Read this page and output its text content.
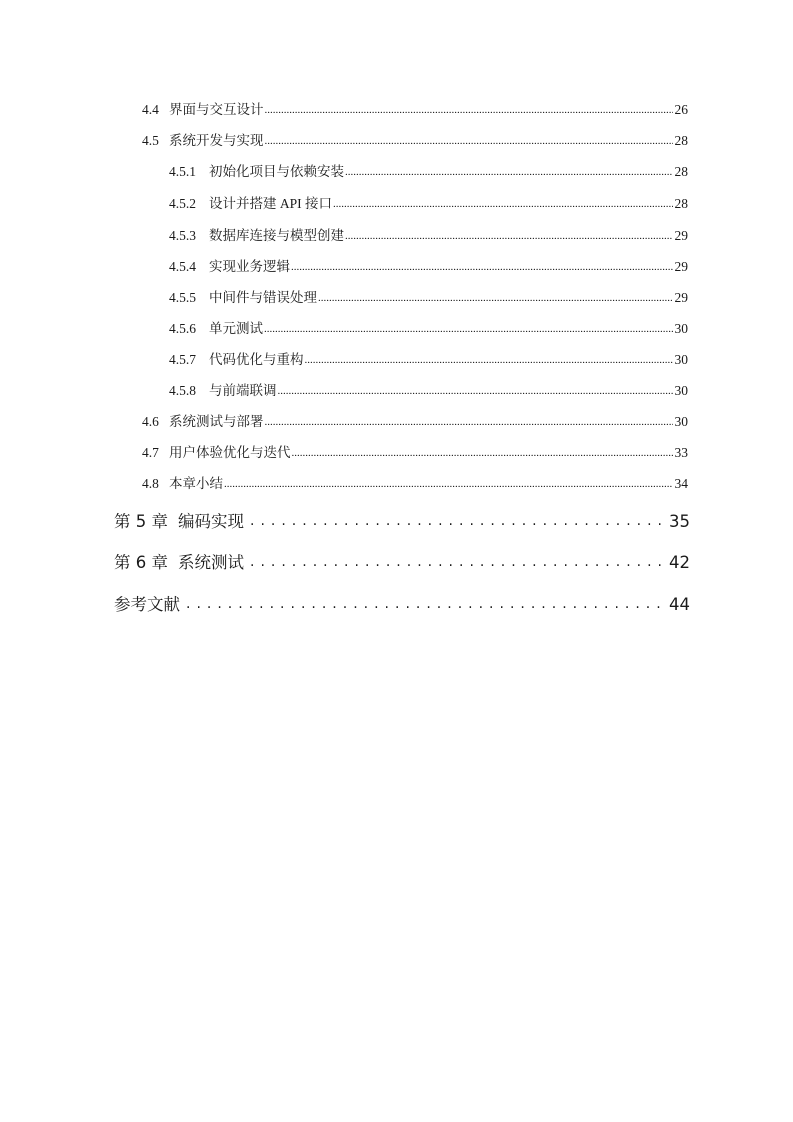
4.4 界面与交互设计 .....	26
4.5 系统开发与实现 .....	28
4.5.1 初始化项目与依赖安装 .....	28
4.5.2 设计并搭建 API 接口 .....	28
4.5.3 数据库连接与模型创建 .....	29
4.5.4 实现业务逻辑 .....	29
4.5.5 中间件与错误处理 .....	29
4.5.6 单元测试 .....	30
4.5.7 代码优化与重构 .....	30
4.5.8 与前端联调 .....	30
4.6 系统测试与部署 .....	30
4.7 用户体验优化与迭代 .....	33
4.8 本章小结 .....	34
第 5 章 编码实现 .....	35
第 6 章 系统测试 .....	42
参考文献 .....	44
